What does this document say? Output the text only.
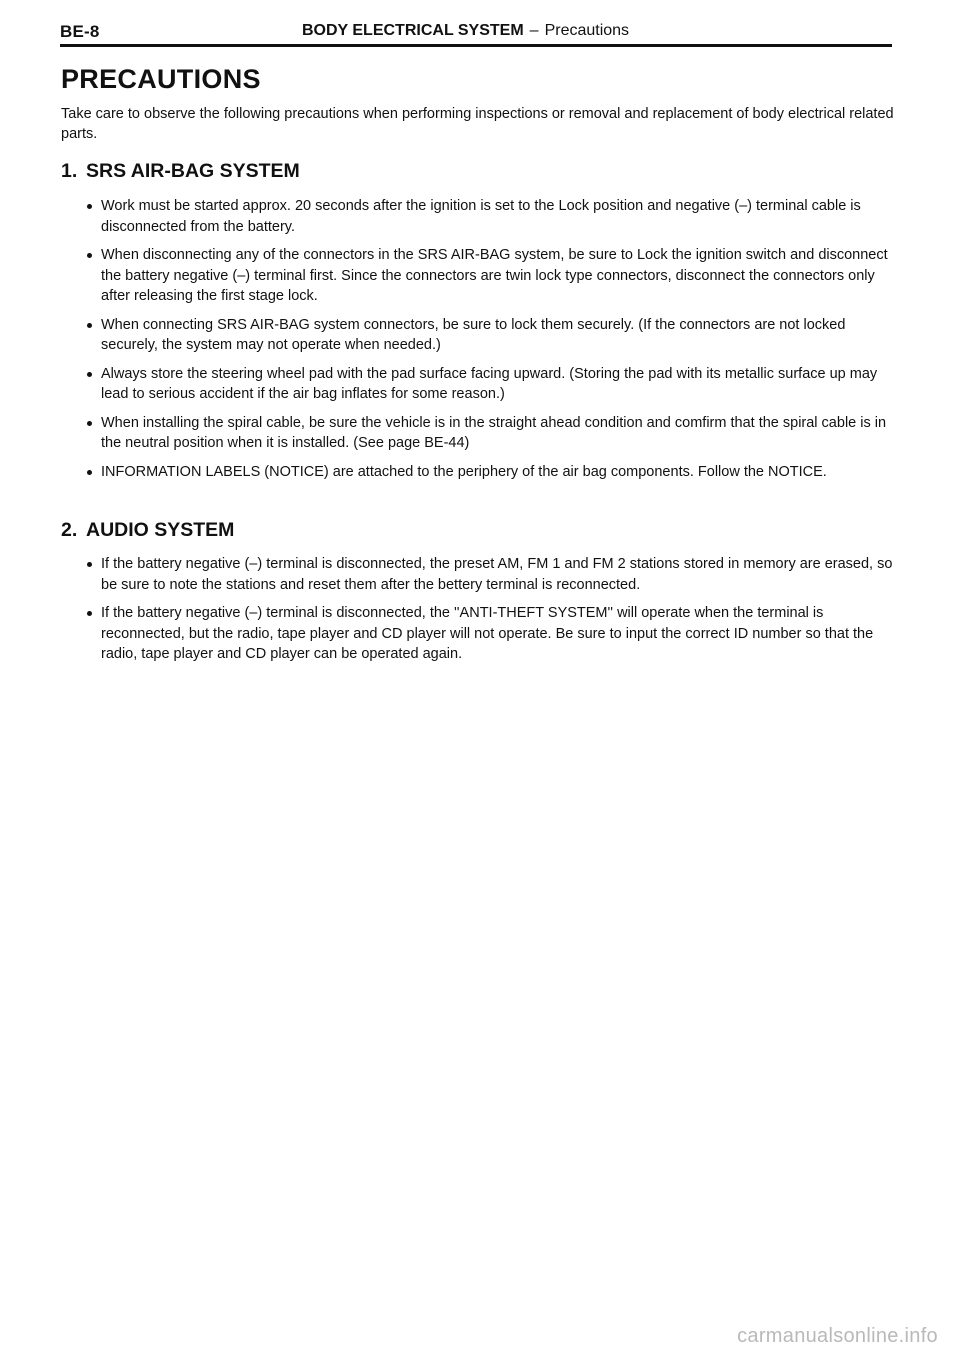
BE-8	BODY ELECTRICAL SYSTEM – Precautions
PRECAUTIONS

Take care to observe the following precautions when performing inspections or removal and replacement of body electrical related parts.

1. SRS AIR-BAG SYSTEM
Work must be started approx. 20 seconds after the ignition is set to the Lock position and negative (–) terminal cable is disconnected from the battery.
When disconnecting any of the connectors in the SRS AIR-BAG system, be sure to Lock the ignition switch and disconnect the battery negative (–) terminal first. Since the connectors are twin lock type connectors, disconnect the connectors only after releasing the first stage lock.
When connecting SRS AIR-BAG system connectors, be sure to lock them securely. (If the connectors are not locked securely, the system may not operate when needed.)
Always store the steering wheel pad with the pad surface facing upward. (Storing the pad with its metallic surface up may lead to serious accident if the air bag inflates for some reason.)
When installing the spiral cable, be sure the vehicle is in the straight ahead condition and comfirm that the spiral cable is in the neutral position when it is installed. (See page BE-44)
INFORMATION LABELS (NOTICE) are attached to the periphery of the air bag components. Follow the NOTICE.
2. AUDIO SYSTEM
If the battery negative (–) terminal is disconnected, the preset AM, FM 1 and FM 2 stations stored in memory are erased, so be sure to note the stations and reset them after the bettery terminal is reconnected.
If the battery negative (–) terminal is disconnected, the ''ANTI-THEFT SYSTEM'' will operate when the terminal is reconnected, but the radio, tape player and CD player will not operate. Be sure to input the correct ID number so that the radio, tape player and CD player can be operated again.
carmanualsonline.info
